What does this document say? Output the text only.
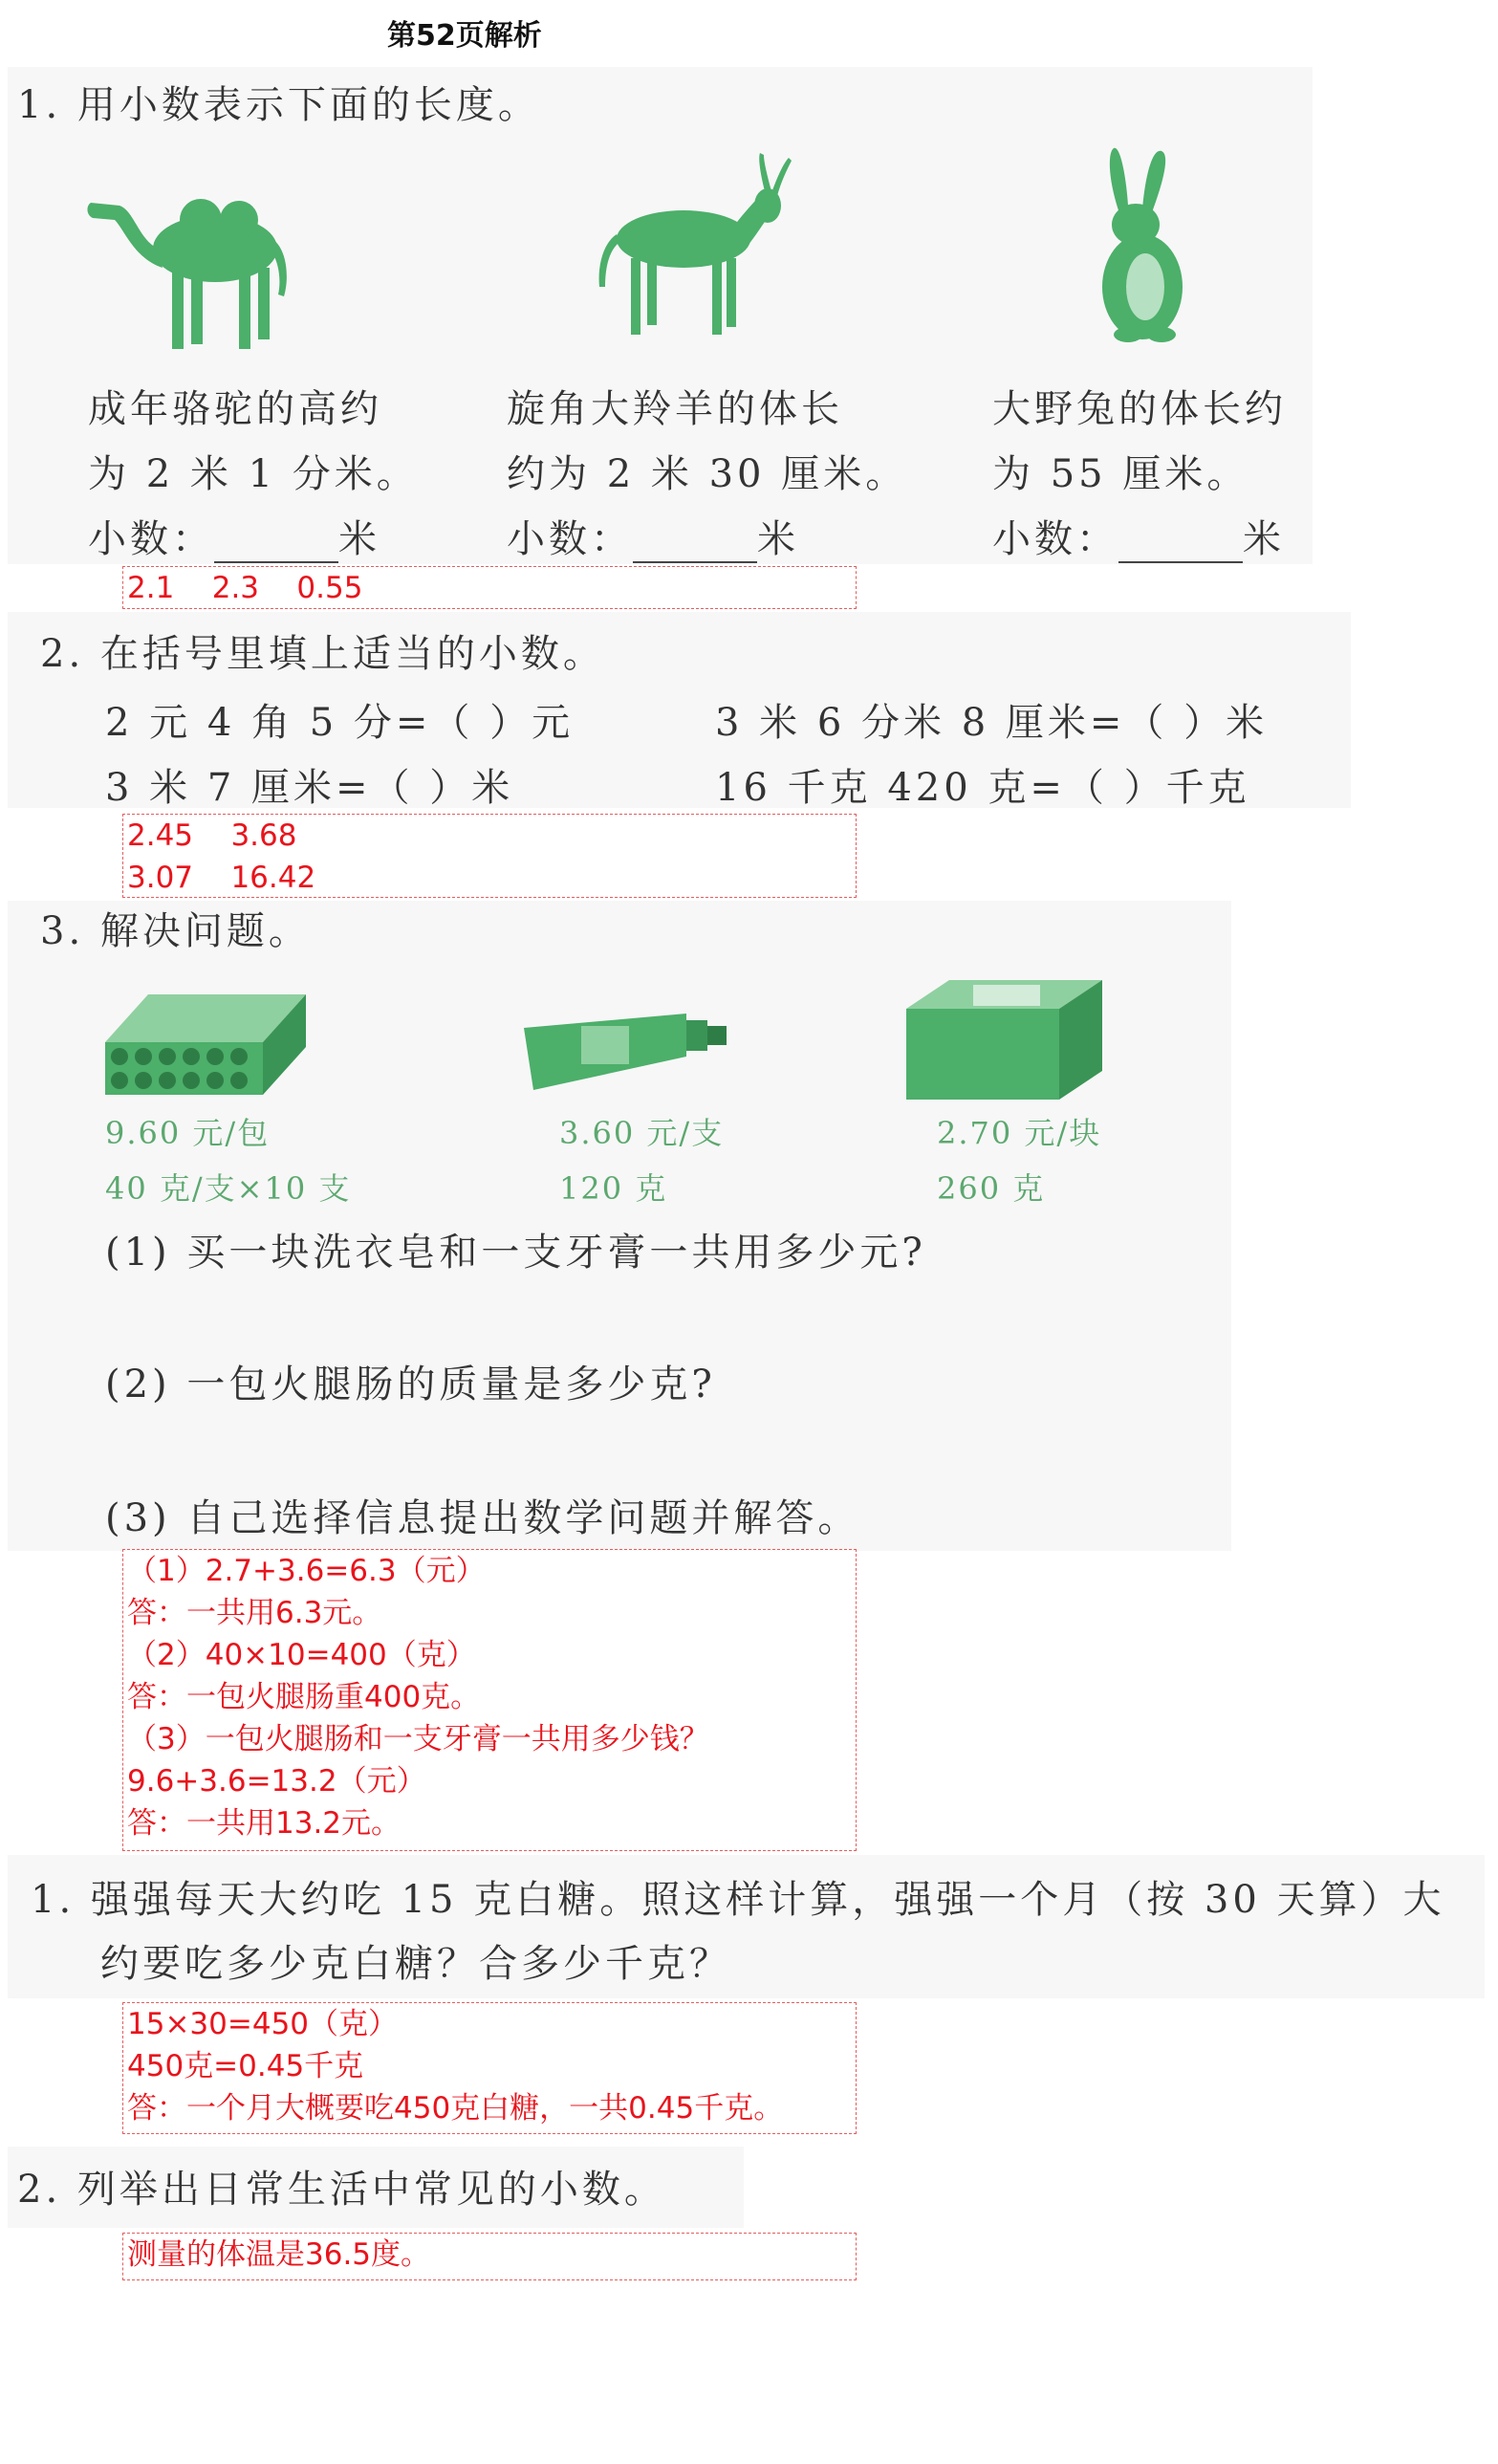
第52页解析
1. 用小数表示下面的长度。
成年骆驼的高约
为 2 米 1 分米。
小数：	米
旋角大羚羊的体长
约为 2 米 30 厘米。
小数：	米
大野兔的体长约
为 55 厘米。
小数：	米
2.1    2.3    0.55
2. 在括号里填上适当的小数。
2 元 4 角 5 分=（ ）元	3 米 6 分米 8 厘米=（ ）米
3 米 7 厘米=（ ）米	16 千克 420 克=（ ）千克
2.45    3.68
3.07    16.42
3. 解决问题。
9.60 元/包
40 克/支×10 支
3.60 元/支
120 克
2.70 元/块
260 克
(1) 买一块洗衣皂和一支牙膏一共用多少元?
(2) 一包火腿肠的质量是多少克?
(3) 自己选择信息提出数学问题并解答。
（1）2.7+3.6=6.3（元）
答：一共用6.3元。
（2）40×10=400（克）
答：一包火腿肠重400克。
（3）一包火腿肠和一支牙膏一共用多少钱？
9.6+3.6=13.2（元）
答：一共用13.2元。
1. 强强每天大约吃 15 克白糖。照这样计算，强强一个月（按 30 天算）大
约要吃多少克白糖？合多少千克？
15×30=450（克）
450克=0.45千克
答：一个月大概要吃450克白糖，一共0.45千克。
2. 列举出日常生活中常见的小数。
测量的体温是36.5度。
